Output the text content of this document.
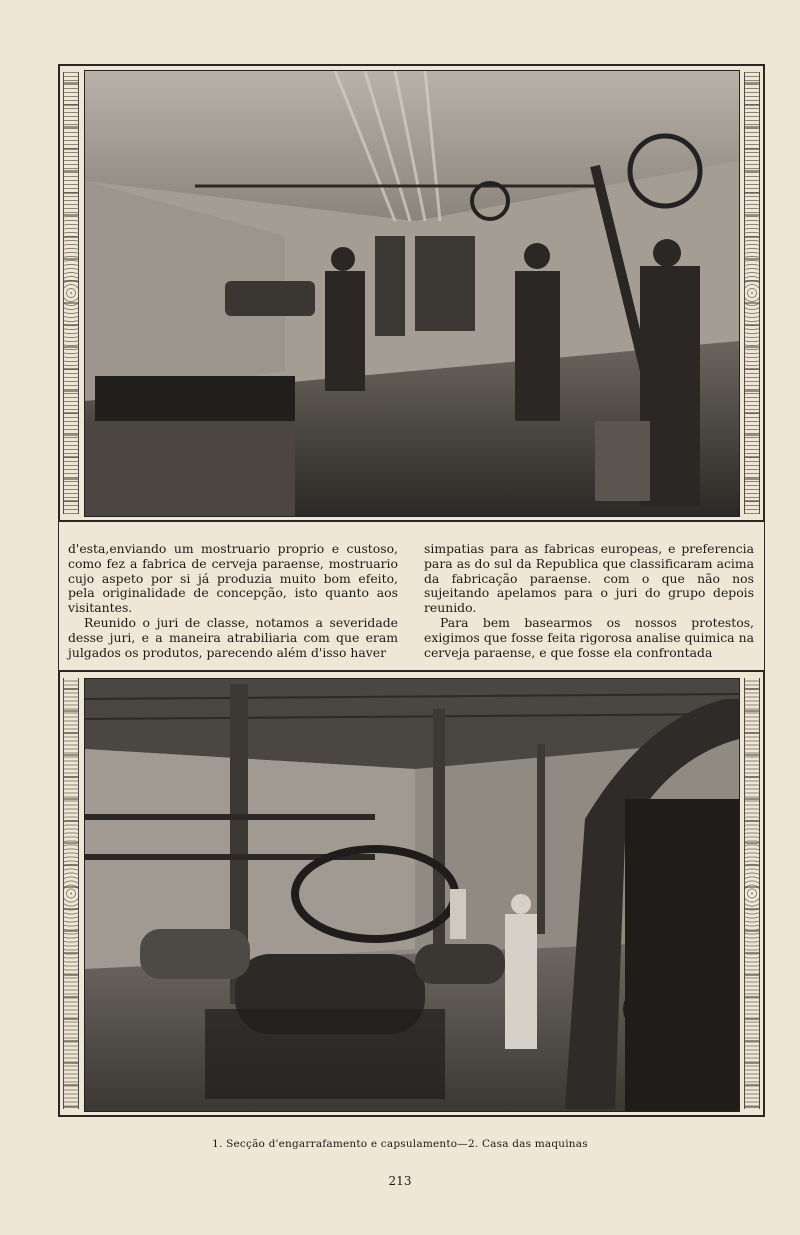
d'esta,enviando um mostruario proprio e custoso, como fez a fabrica de cerveja paraense, mostruario cujo aspeto por si já produzia muito bom efeito, pela originalidade de concepção, isto quanto aos visitantes.

Reunido o juri de classe, notamos a severidade desse juri, e a maneira atrabiliaria com que eram julgados os produtos, parecendo além d'isso haver

simpatias para as fabricas europeas, e preferencia para as do sul da Republica que classificaram acima da fabricação paraense. com o que não nos sujeitando apelamos para o juri do grupo depois reunido.

Para bem basearmos os nossos protestos, exigimos que fosse feita rigorosa analise quimica na cerveja paraense, e que fosse ela confrontada

1. Secção d'engarrafamento e capsulamento—2. Casa das maquinas
213
